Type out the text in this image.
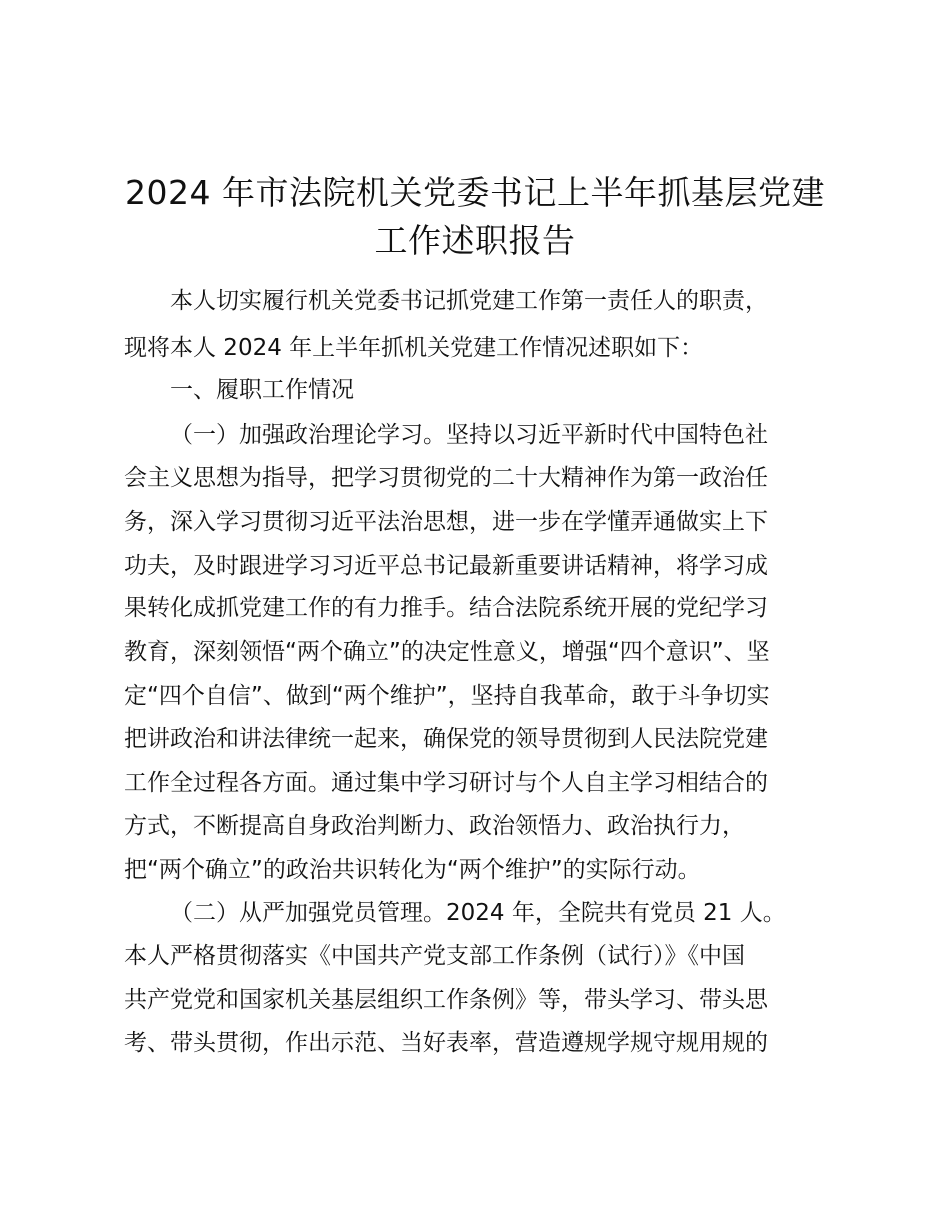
2024 年市法院机关党委书记上半年抓基层党建
工作述职报告
本人切实履行机关党委书记抓党建工作第一责任人的职责，
现将本人 2024 年上半年抓机关党建工作情况述职如下：
一、履职工作情况
（一）加强政治理论学习。坚持以习近平新时代中国特色社
会主义思想为指导，把学习贯彻党的二十大精神作为第一政治任
务，深入学习贯彻习近平法治思想，进一步在学懂弄通做实上下
功夫，及时跟进学习习近平总书记最新重要讲话精神，将学习成
果转化成抓党建工作的有力推手。结合法院系统开展的党纪学习
教育，深刻领悟“两个确立”的决定性意义，增强“四个意识”、坚
定“四个自信”、做到“两个维护”，坚持自我革命，敢于斗争切实
把讲政治和讲法律统一起来，确保党的领导贯彻到人民法院党建
工作全过程各方面。通过集中学习研讨与个人自主学习相结合的
方式，不断提高自身政治判断力、政治领悟力、政治执行力，
把“两个确立”的政治共识转化为“两个维护”的实际行动。
（二）从严加强党员管理。2024 年，全院共有党员 21 人。
本人严格贯彻落实《中国共产党支部工作条例（试行）》《中国
共产党党和国家机关基层组织工作条例》等，带头学习、带头思
考、带头贯彻，作出示范、当好表率，营造遵规学规守规用规的
